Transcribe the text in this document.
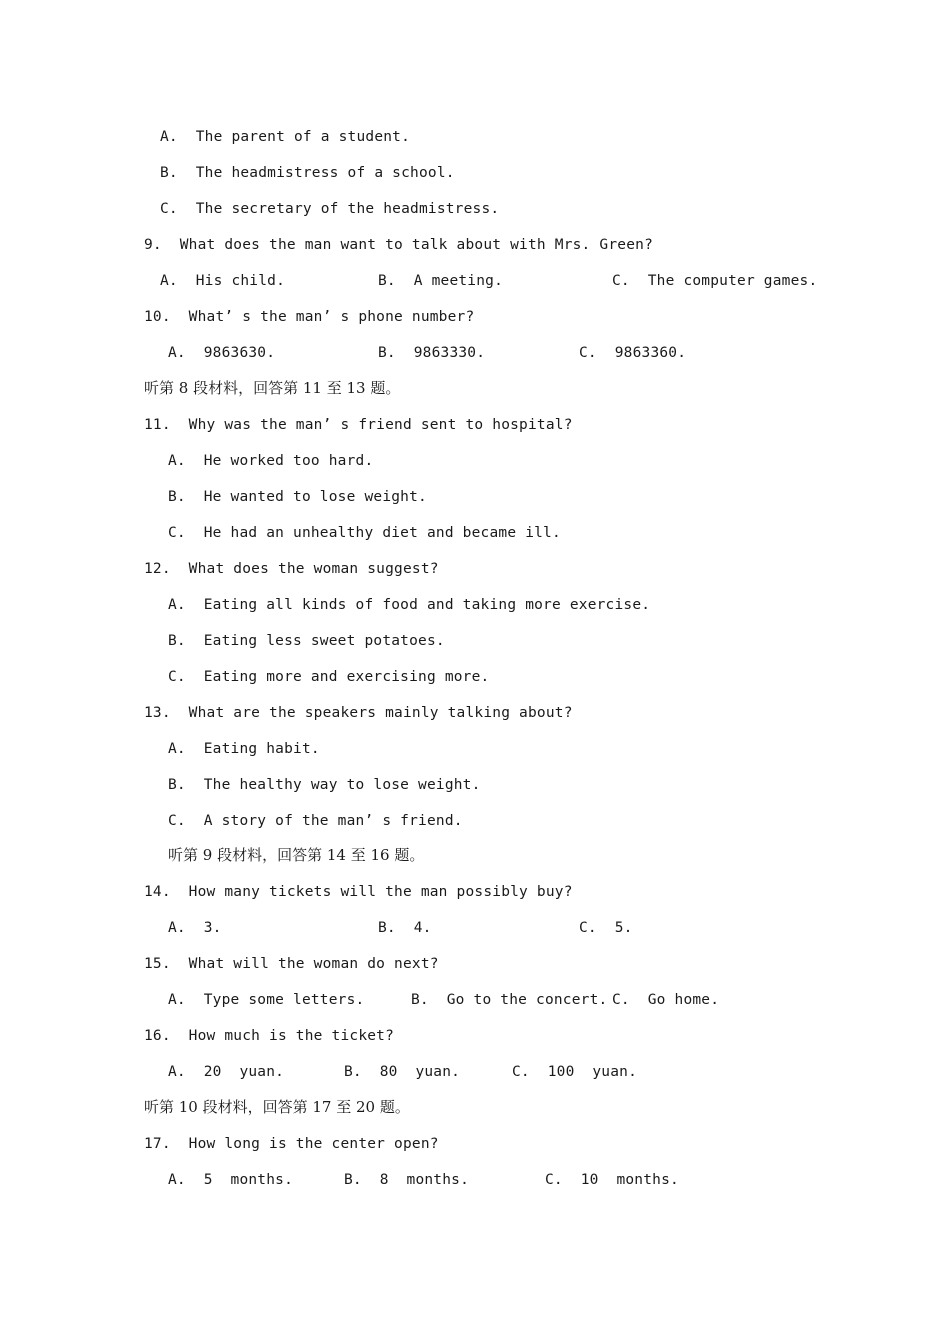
A.  The parent of a student.
B.  The headmistress of a school.
C.  The secretary of the headmistress.
9.  What does the man want to talk about with Mrs. Green?
A.  His child.	B.  A meeting.	C.  The computer games.
10.  What’ s the man’ s phone number?
A.  9863630.	B.  9863330.	C.  9863360.
听第 8 段材料，回答第 11 至 13 题。
11.  Why was the man’ s friend sent to hospital?
A.  He worked too hard.
B.  He wanted to lose weight.
C.  He had an unhealthy diet and became ill.
12.  What does the woman suggest?
A.  Eating all kinds of food and taking more exercise.
B.  Eating less sweet potatoes.
C.  Eating more and exercising more.
13.  What are the speakers mainly talking about?
A.  Eating habit.
B.  The healthy way to lose weight.
C.  A story of the man’ s friend.
听第 9 段材料，回答第 14 至 16 题。
14.  How many tickets will the man possibly buy?
A.  3.	B.  4.	C.  5.
15.  What will the woman do next?
A.  Type some letters.	B.  Go to the concert. C.  Go home.
16.  How much is the ticket?
A.  20  yuan.	B.  80  yuan.	C.  100  yuan.
听第 10 段材料，回答第 17 至 20 题。
17.  How long is the center open?
A.  5  months.	B.  8  months.	C.  10  months.
